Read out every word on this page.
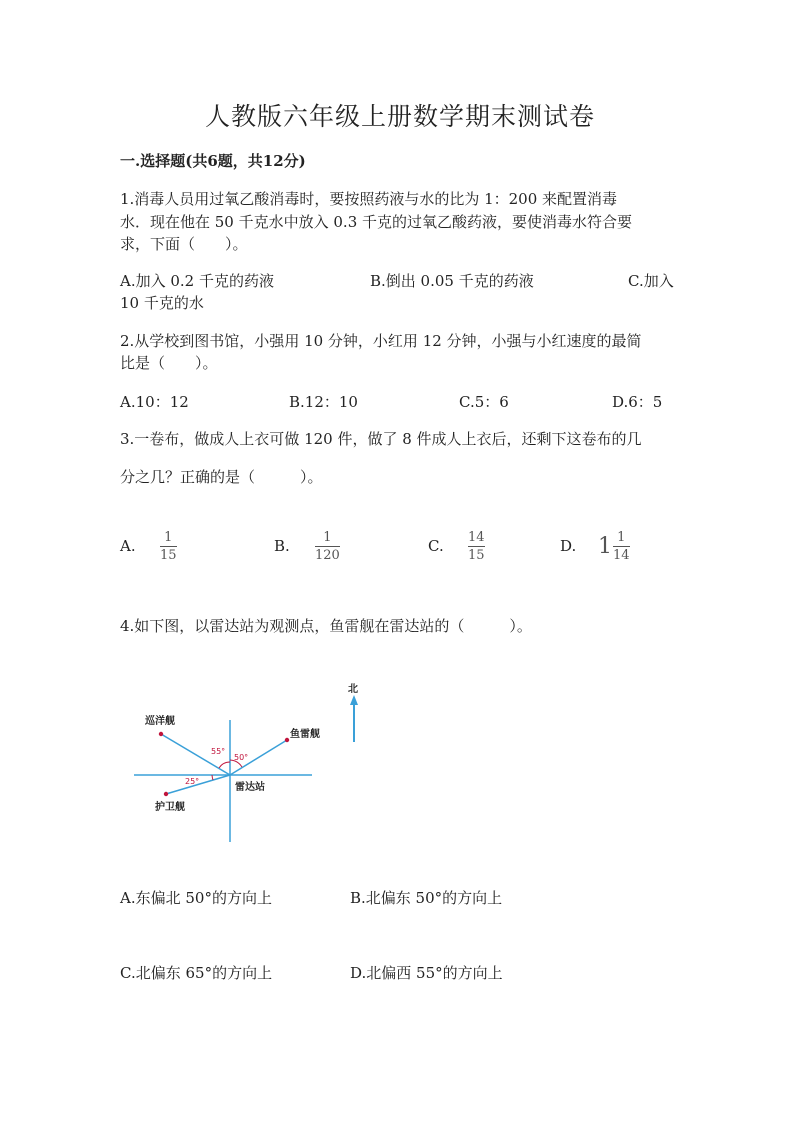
人教版六年级上册数学期末测试卷
一.选择题(共6题，共12分)
1.消毒人员用过氧乙酸消毒时，要按照药液与水的比为 1：200 来配置消毒
水．现在他在 50 千克水中放入 0.3 千克的过氧乙酸药液，要使消毒水符合要
求，下面（　　）。
A.加入 0.2 千克的药液	B.倒出 0.05 千克的药液	C.加入
10 千克的水
2.从学校到图书馆，小强用 10 分钟，小红用 12 分钟，小强与小红速度的最简
比是（　　）。
A.10：12	B.12：10	C.5：6	D.6：5
3.一卷布，做成人上衣可做 120 件，做了 8 件成人上衣后，还剩下这卷布的几
分之几？正确的是（　　　）。
A. 1
15
B.	1
120
C. 14
15
D. 1 1
14
4.如下图，以雷达站为观测点，鱼雷舰在雷达站的（　　　）。
北
55°
50°
25°
巡洋舰
鱼雷舰
护卫舰
雷达站
A.东偏北 50°的方向上	B.北偏东 50°的方向上
C.北偏东 65°的方向上	D.北偏西 55°的方向上
